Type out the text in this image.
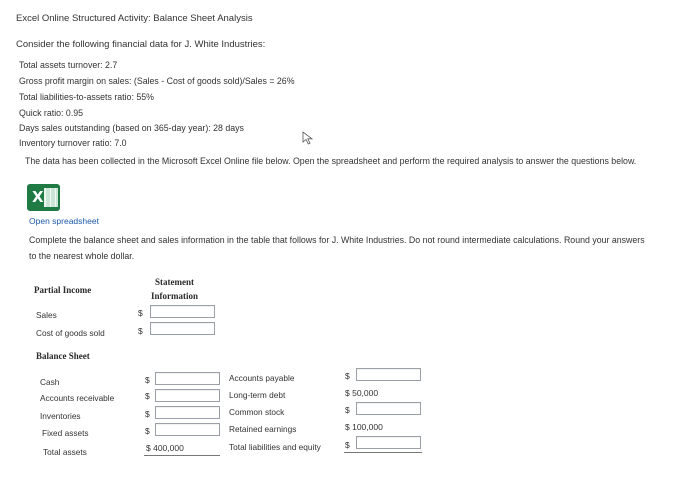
Excel Online Structured Activity: Balance Sheet Analysis
Consider the following financial data for J. White Industries:
Total assets turnover: 2.7
Gross profit margin on sales: (Sales - Cost of goods sold)/Sales = 26%
Total liabilities-to-assets ratio: 55%
Quick ratio: 0.95
Days sales outstanding (based on 365-day year): 28 days
Inventory turnover ratio: 7.0
The data has been collected in the Microsoft Excel Online file below. Open the spreadsheet and perform the required analysis to answer the questions below.
X
Open spreadsheet
Complete the balance sheet and sales information in the table that follows for J. White Industries. Do not round intermediate calculations. Round your answers
to the nearest whole dollar.
Partial Income
Statement
Information
Sales	$
Cost of goods sold	$
Balance Sheet
Cash	$
Accounts receivable	$
Inventories	$
Fixed assets	$
Total assets	$ 400,000
Accounts payable	$
Long-term debt	$ 50,000
Common stock	$
Retained earnings	$ 100,000
Total liabilities and equity	$
